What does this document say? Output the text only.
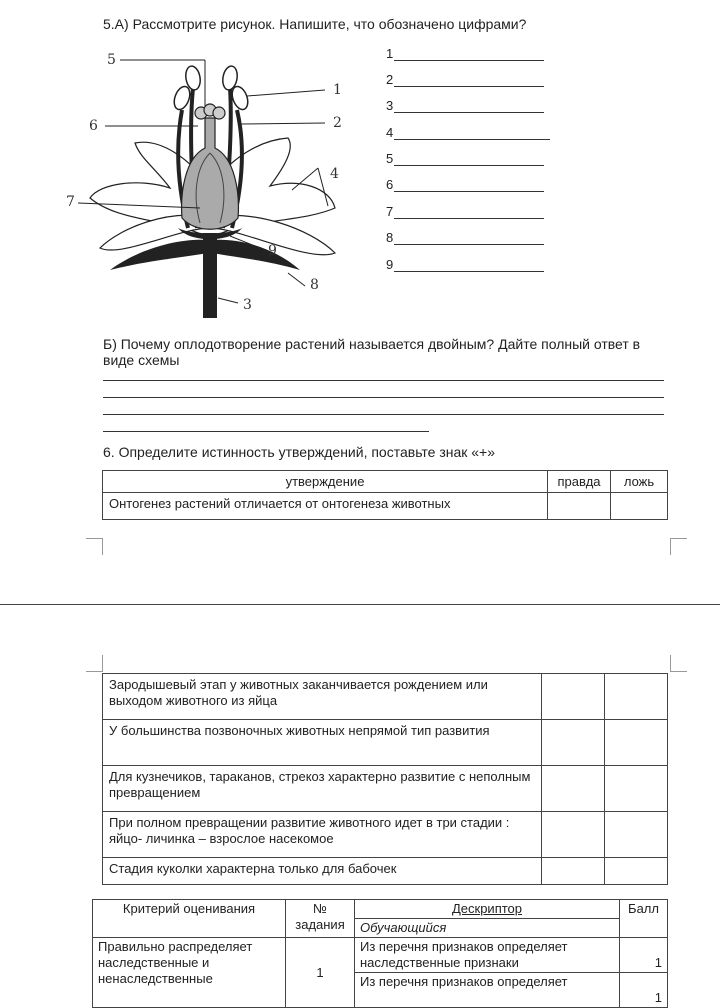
5.А) Рассмотрите рисунок. Напишите, что обозначено цифрами?
5
1
6	2
4
7
9
8
3
1
2
3
4
5
6
7
8
9
Б) Почему оплодотворение растений называется двойным? Дайте полный ответ в виде схемы
6. Определите истинность утверждений, поставьте знак «+»
утверждение	правда	ложь
Онтогенез растений отличается от онтогенеза животных		
Зародышевый этап у животных заканчивается рождением или выходом животного из яйца		
У большинства позвоночных животных непрямой тип развития		
Для кузнечиков, тараканов, стрекоз характерно развитие с неполным превращением		
При полном превращении развитие животного идет в три стадии : яйцо- личинка – взрослое насекомое		
Стадия куколки характерна только для бабочек		
Критерий оценивания	№ задания	Дескриптор	Балл
		Обучающийся	
Правильно распределяет наследственные и ненаследственные	1	Из перечня признаков определяет наследственные признаки	1
		Из перечня признаков определяет	1
